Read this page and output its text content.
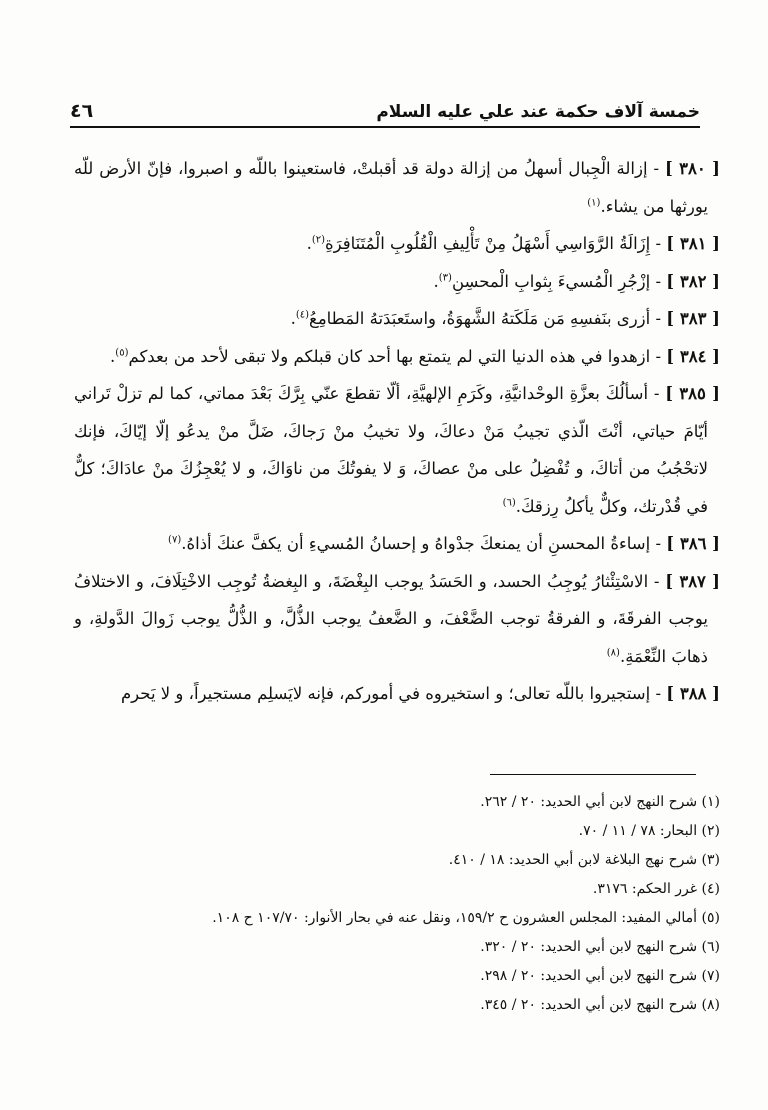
خمسة آلاف حكمة عند علي عليه السلام
٤٦

[ ٣٨٠ ] - إزالة الْجِبال أسهلُ من إزالة دولة قد أقبلتْ، فاستعينوا باللّه و اصبروا، فإنّ الأرض للّه يورثها من يشاء.$^{(١)}$

[ ٣٨١ ] - إِزَالَةُ الرَّوَاسِي أَسْهَلُ مِنْ تَأْلِيفِ الْقُلُوبِ الْمُتَنَافِرَةِ$^{(٢)}$.

[ ٣٨٢ ] - إزْجُرِ الْمُسيءَ بِثوابِ الْمحسِنِ$^{(٣)}$.

[ ٣٨٣ ] - أزرى بنَفسِهِ مَن مَلَكَتهُ الشَّهوَةُ، واستَعبَدَتهُ المَطامِعُ$^{(٤)}$.

[ ٣٨٤ ] - ازهدوا في هذه الدنيا التي لم يتمتع بها أحد كان قبلكم ولا تبقى لأحد من بعدكم$^{(٥)}$.

[ ٣٨٥ ] - أسألُكَ بعزَّةِ الوحْدانيَّةِ، وكَرَمِ الإلهيَّةِ، ألّا تقطعَ عنّي بِرَّكَ بَعْدَ مماتي، كما لم تزلْ تَراني أيّامَ حياتي، أنْتَ الّذي تجيبُ مَنْ دعاكَ، ولا تخيبُ منْ رَجاكَ، ضَلَّ منْ يدعُو إلّا إيّاكَ، فإنك لاتحْجُبُ من أتاكَ، و تُفْضِلُ على منْ عصاكَ، وَ لا يفوتُكَ من ناوَاكَ، و لا يُعْجِزُكَ منْ عادَاكَ؛ كلٌّ في قُدْرتك، وكلٌّ يأكلُ رِزقكَ.$^{(٦)}$

[ ٣٨٦ ] - إساءةُ المحسنِ أن يمنعكَ جدْواهُ و إحسانُ المُسيءِ أن يكفَّ عنكَ أذاهُ.$^{(٧)}$

[ ٣٨٧ ] - الاسْتِئْثارُ يُوجِبُ الحسد، و الحَسَدُ يوجب البِغْضَةَ، و البِغضةُ تُوجِب الاخْتِلَافَ، و الاختلافُ يوجب الفرقَةَ، و الفرقةُ توجب الضَّعْفَ، و الضَّعفُ يوجب الذُّلَّ، و الذُّلُّ يوجب زَوالَ الدَّولةِ، و ذهابَ النِّعْمَةِ.$^{(٨)}$

[ ٣٨٨ ] - إستجيروا باللّه تعالى؛ و استخيروه في أموركم، فإنه لايَسلِم مستجيراً، و لا يَحرم

(١) شرح النهج لابن أبي الحديد: ٢٠ / ٢٦٢.

(٢) البحار: ٧٨ / ١١ / ٧٠.

(٣) شرح نهج البلاغة لابن أبي الحديد: ١٨ / ٤١٠.

(٤) غرر الحكم: ٣١٧٦.

(٥) أمالي المفيد: المجلس العشرون ح ١٥٩/٢، ونقل عنه في بحار الأنوار: ١٠٧/٧٠ ح ١٠٨.

(٦) شرح النهج لابن أبي الحديد: ٢٠ / ٣٢٠.

(٧) شرح النهج لابن أبي الحديد: ٢٠ / ٢٩٨.

(٨) شرح النهج لابن أبي الحديد: ٢٠ / ٣٤٥.
